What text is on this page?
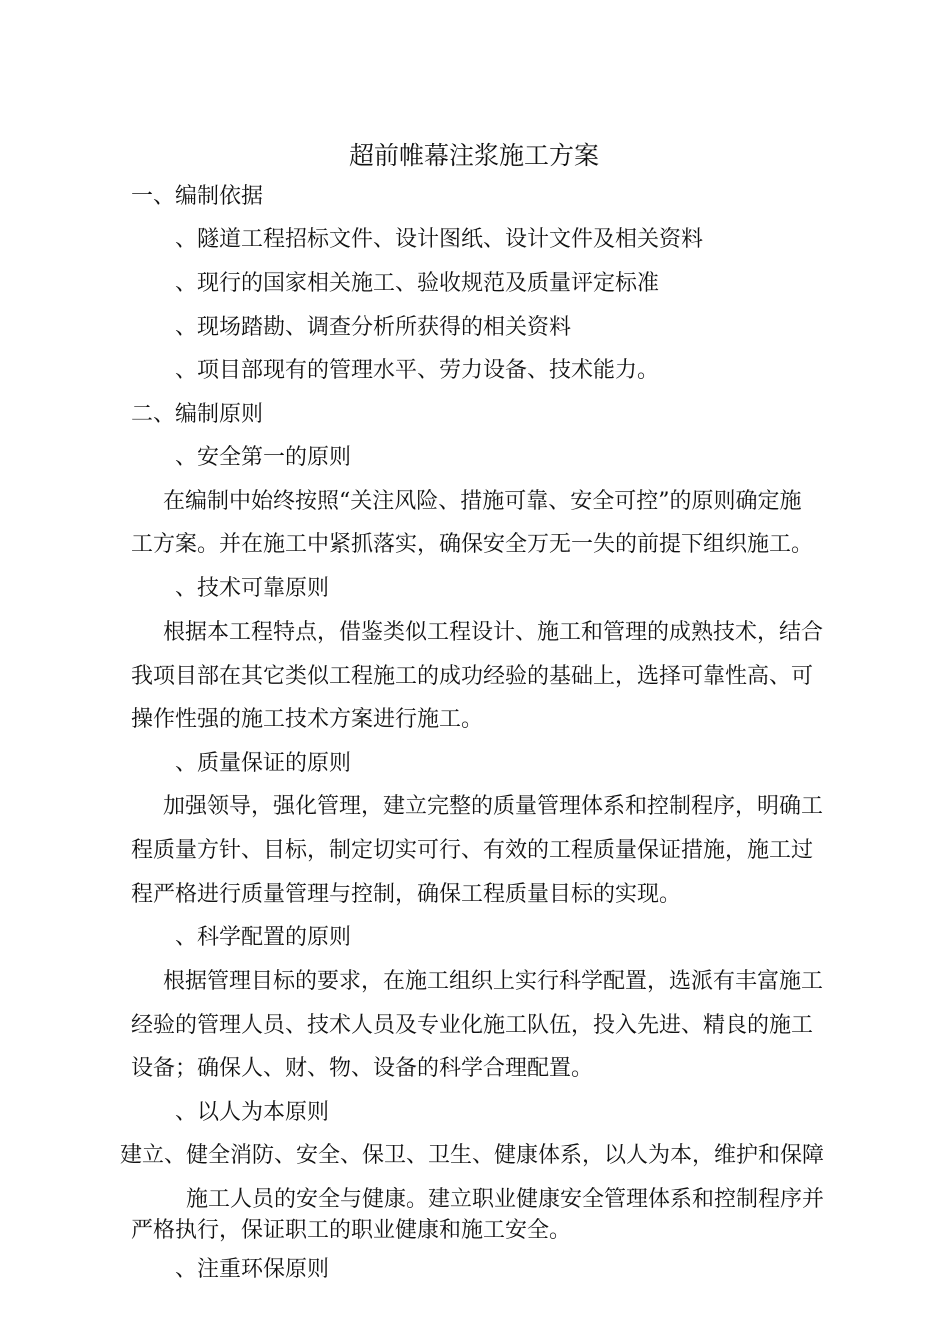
超前帷幕注浆施工方案
一、编制依据
、隧道工程招标文件、设计图纸、设计文件及相关资料
、现行的国家相关施工、验收规范及质量评定标准
、现场踏勘、调查分析所获得的相关资料
、项目部现有的管理水平、劳力设备、技术能力。
二、编制原则
、安全第一的原则
在编制中始终按照“关注风险、措施可靠、安全可控”的原则确定施
工方案。并在施工中紧抓落实，确保安全万无一失的前提下组织施工。
、技术可靠原则
根据本工程特点，借鉴类似工程设计、施工和管理的成熟技术，结合
我项目部在其它类似工程施工的成功经验的基础上，选择可靠性高、可
操作性强的施工技术方案进行施工。
、质量保证的原则
加强领导，强化管理，建立完整的质量管理体系和控制程序，明确工
程质量方针、目标，制定切实可行、有效的工程质量保证措施，施工过
程严格进行质量管理与控制，确保工程质量目标的实现。
、科学配置的原则
根据管理目标的要求，在施工组织上实行科学配置，选派有丰富施工
经验的管理人员、技术人员及专业化施工队伍，投入先进、精良的施工
设备；确保人、财、物、设备的科学合理配置。
、以人为本原则
建立、健全消防、安全、保卫、卫生、健康体系，以人为本，维护和保障
施工人员的安全与健康。建立职业健康安全管理体系和控制程序并
严格执行，保证职工的职业健康和施工安全。
、注重环保原则
